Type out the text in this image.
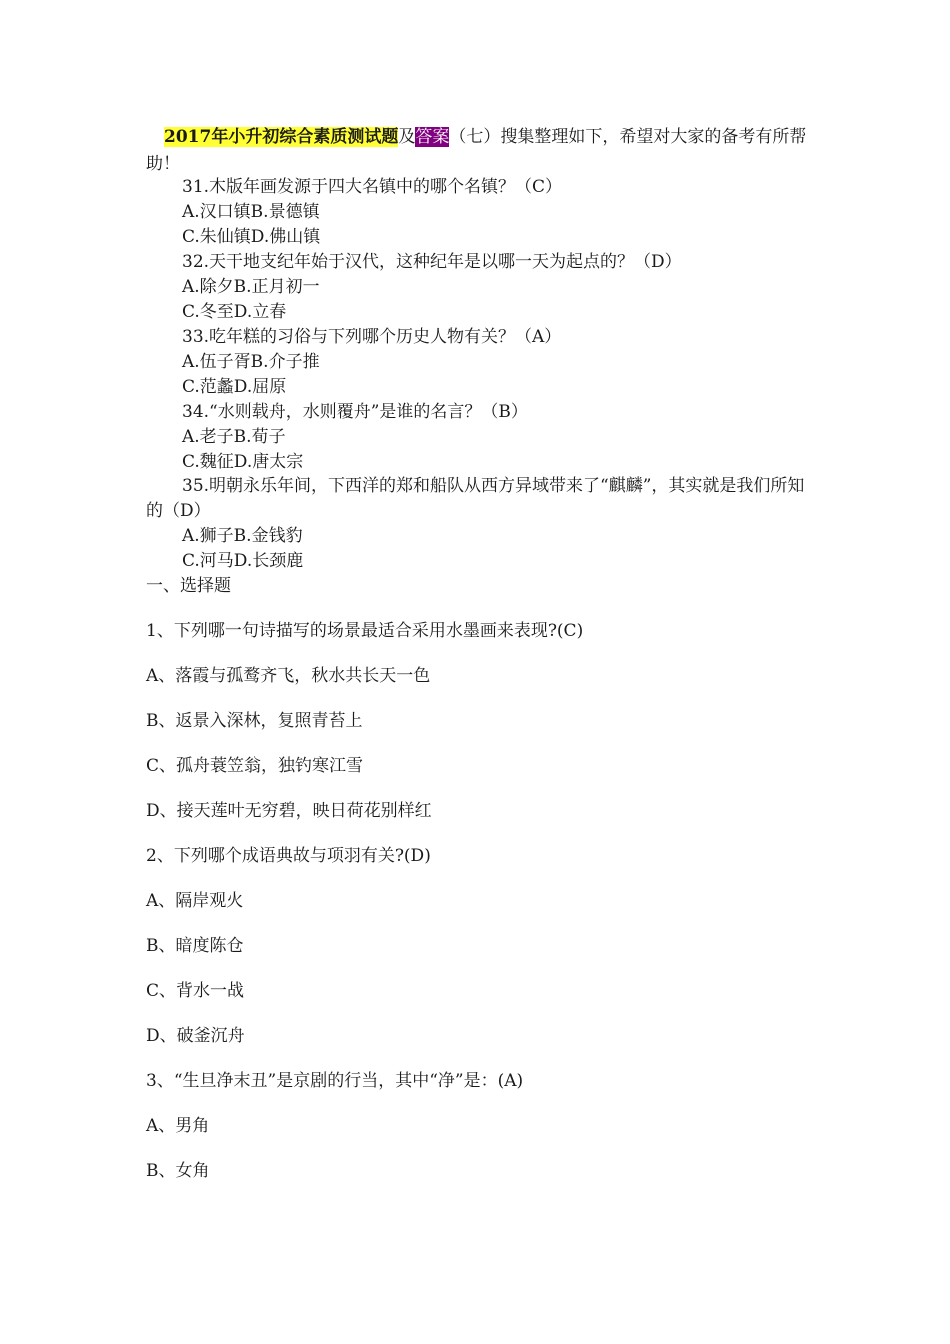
2017年小升初综合素质测试题及答案（七）搜集整理如下，希望对大家的备考有所帮助！

31.木版年画发源于四大名镇中的哪个名镇？（C）
A.汉口镇B.景德镇
C.朱仙镇D.佛山镇
32.天干地支纪年始于汉代，这种纪年是以哪一天为起点的？（D）
A.除夕B.正月初一
C.冬至D.立春
33.吃年糕的习俗与下列哪个历史人物有关？（A）
A.伍子胥B.介子推
C.范蠡D.屈原
34.“水则载舟，水则覆舟”是谁的名言？（B）
A.老子B.荀子
C.魏征D.唐太宗

35.明朝永乐年间，下西洋的郑和船队从西方异域带来了“麒麟”，其实就是我们所知的（D）

A.狮子B.金钱豹
C.河马D.长颈鹿
一、选择题
1、下列哪一句诗描写的场景最适合采用水墨画来表现?(C)
A、落霞与孤鹜齐飞，秋水共长天一色
B、返景入深林，复照青苔上
C、孤舟蓑笠翁，独钓寒江雪
D、接天莲叶无穷碧，映日荷花别样红
2、下列哪个成语典故与项羽有关?(D)
A、隔岸观火
B、暗度陈仓
C、背水一战
D、破釜沉舟
3、“生旦净末丑”是京剧的行当，其中“净”是：(A)
A、男角
B、女角
